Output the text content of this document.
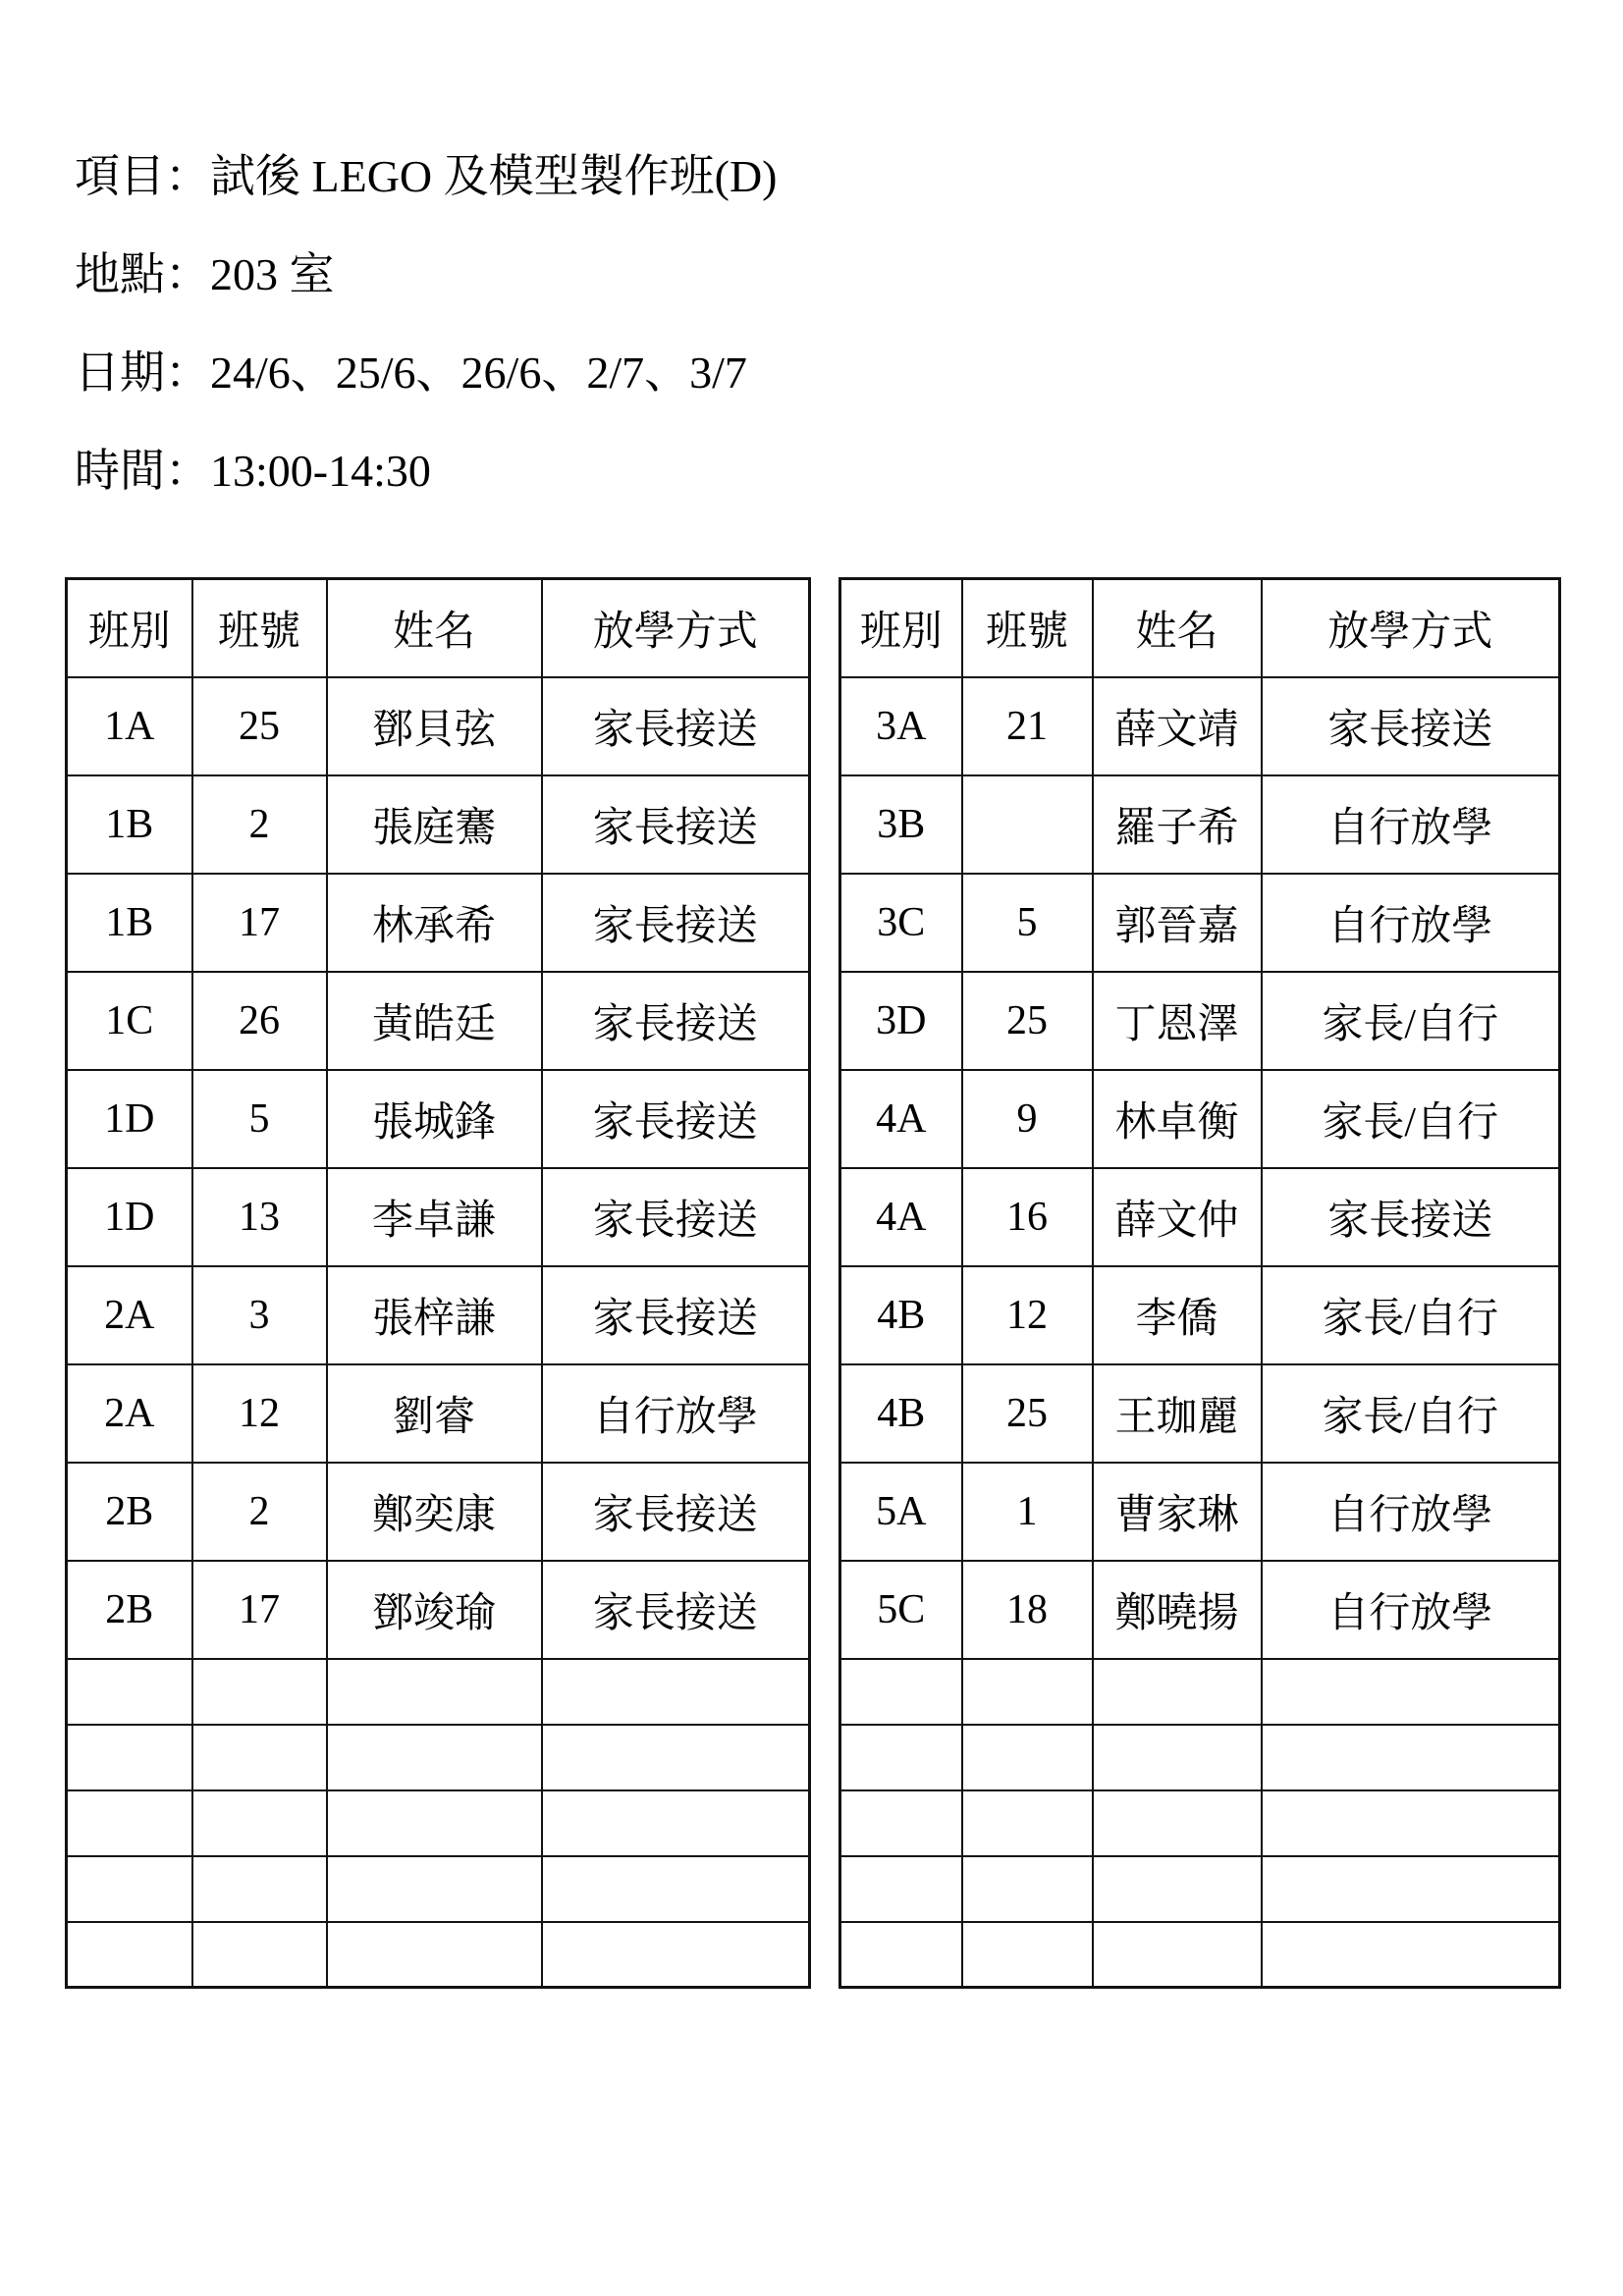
項目：試後 LEGO 及模型製作班(D)
地點：203 室
日期：24/6、25/6、26/6、2/7、3/7
時間：13:00-14:30
班別	班號	姓名	放學方式
1A	25	鄧貝弦	家長接送
1B	2	張庭騫	家長接送
1B	17	林承希	家長接送
1C	26	黃皓廷	家長接送
1D	5	張城鋒	家長接送
1D	13	李卓謙	家長接送
2A	3	張梓謙	家長接送
2A	12	劉睿	自行放學
2B	2	鄭奕康	家長接送
2B	17	鄧竣瑜	家長接送

班別	班號	姓名	放學方式
3A	21	薛文靖	家長接送
3B		羅子希	自行放學
3C	5	郭晉嘉	自行放學
3D	25	丁恩澤	家長/自行
4A	9	林卓衡	家長/自行
4A	16	薛文仲	家長接送
4B	12	李僑	家長/自行
4B	25	王珈麗	家長/自行
5A	1	曹家琳	自行放學
5C	18	鄭曉揚	自行放學
